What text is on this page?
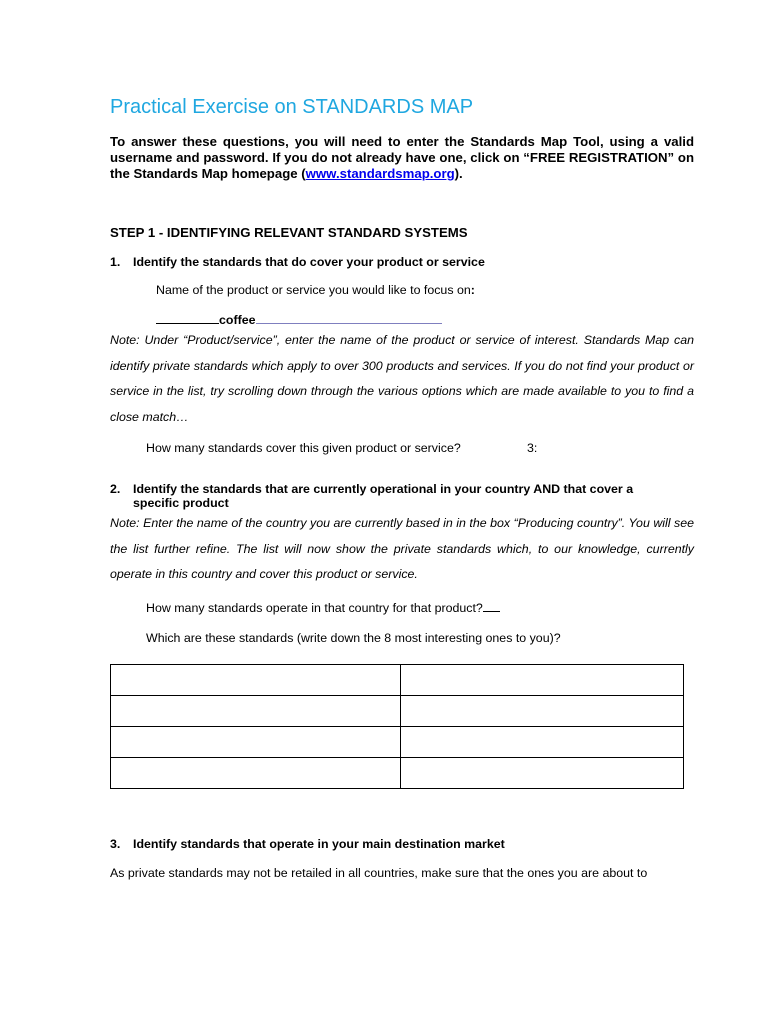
Practical Exercise on STANDARDS MAP
To answer these questions, you will need to enter the Standards Map Tool, using a valid username and password. If you do not already have one, click on “FREE REGISTRATION” on the Standards Map homepage (www.standardsmap.org).
STEP 1 - IDENTIFYING RELEVANT STANDARD SYSTEMS
1. Identify the standards that do cover your product or service
Name of the product or service you would like to focus on:
coffee
Note: Under “Product/service”, enter the name of the product or service of interest. Standards Map can identify private standards which apply to over 300 products and services. If you do not find your product or service in the list, try scrolling down through the various options which are made available to you to find a close match…
How many standards cover this given product or service?	3:
2. Identify the standards that are currently operational in your country AND that cover a specific product
Note: Enter the name of the country you are currently based in in the box “Producing country”. You will see the list further refine. The list will now show the private standards which, to our knowledge, currently operate in this country and cover this product or service.
How many standards operate in that country for that product?
Which are these standards (write down the 8 most interesting ones to you)?

3. Identify standards that operate in your main destination market
As private standards may not be retailed in all countries, make sure that the ones you are about to
